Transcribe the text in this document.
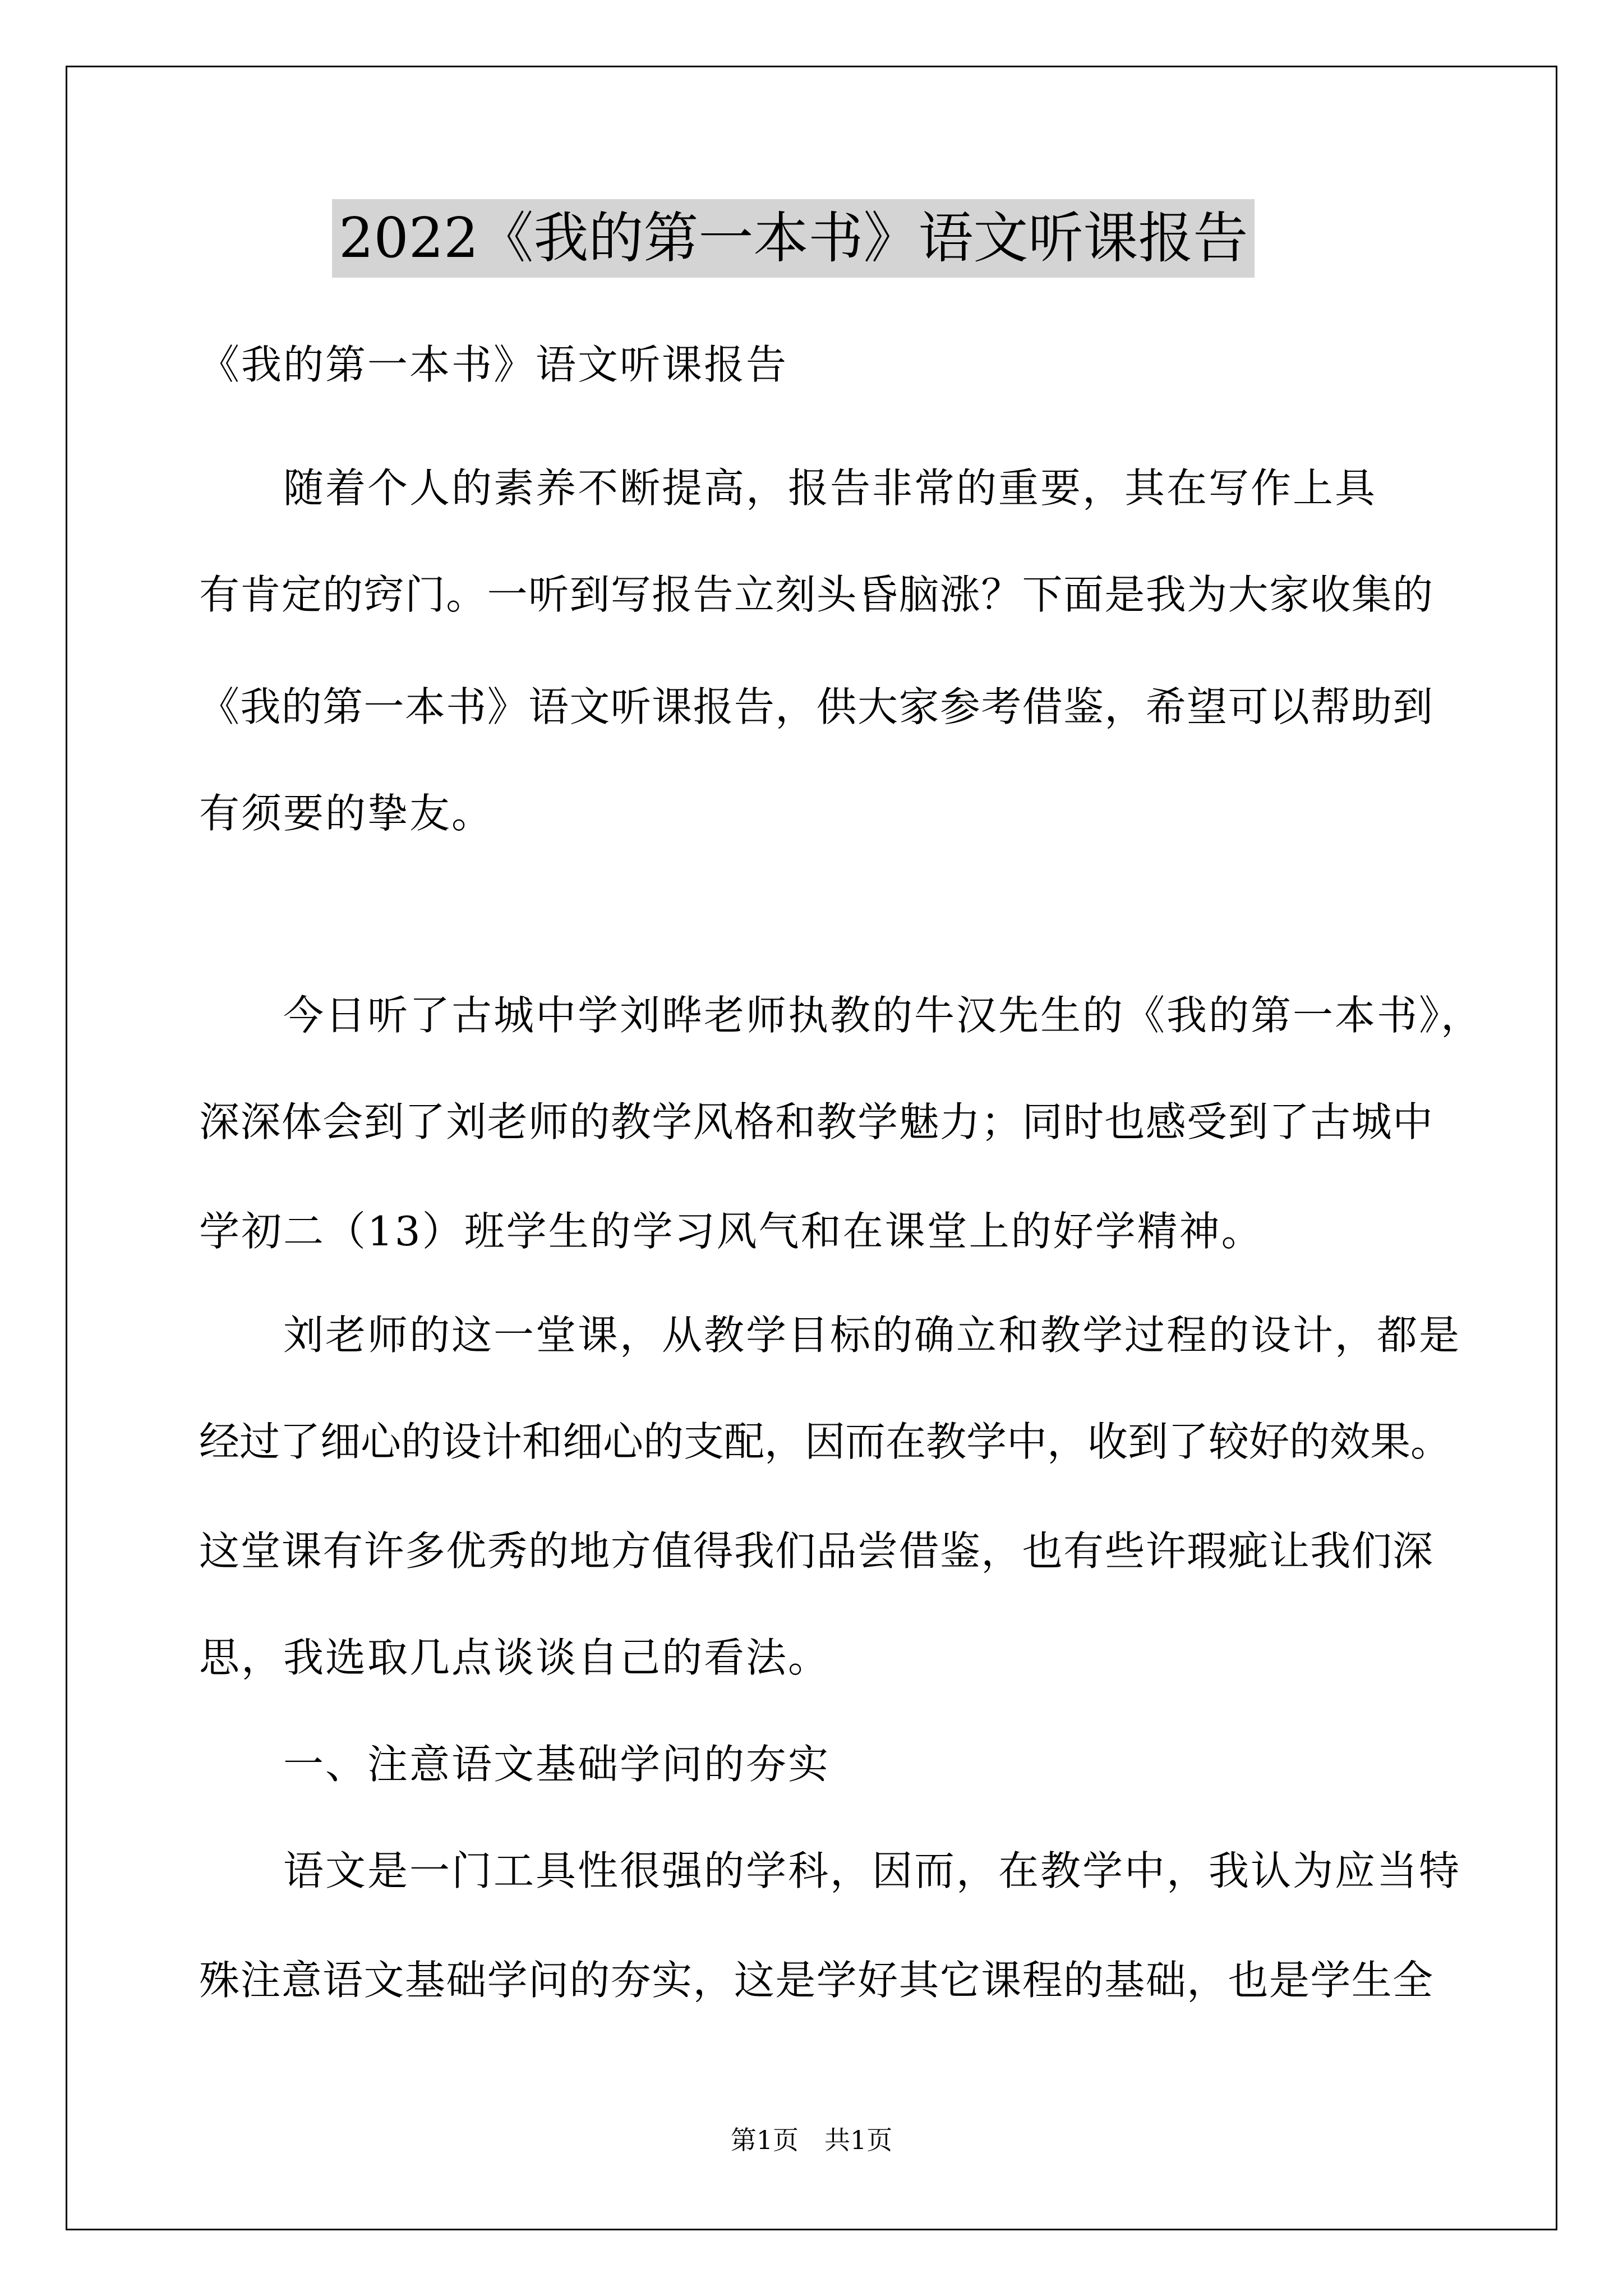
2022《我的第一本书》语文听课报告
《我的第一本书》语文听课报告
　　随着个人的素养不断提高，报告非常的重要，其在写作上具
有肯定的窍门。一听到写报告立刻头昏脑涨？下面是我为大家收集的
《我的第一本书》语文听课报告，供大家参考借鉴，希望可以帮助到
有须要的挚友。
　　今日听了古城中学刘晔老师执教的牛汉先生的《我的第一本书》，
深深体会到了刘老师的教学风格和教学魅力；同时也感受到了古城中
学初二（13）班学生的学习风气和在课堂上的好学精神。
　　刘老师的这一堂课，从教学目标的确立和教学过程的设计，都是
经过了细心的设计和细心的支配，因而在教学中，收到了较好的效果。
这堂课有许多优秀的地方值得我们品尝借鉴，也有些许瑕疵让我们深
思，我选取几点谈谈自己的看法。
　　一、注意语文基础学问的夯实
　　语文是一门工具性很强的学科，因而，在教学中，我认为应当特
殊注意语文基础学问的夯实，这是学好其它课程的基础，也是学生全
第1页　共1页
